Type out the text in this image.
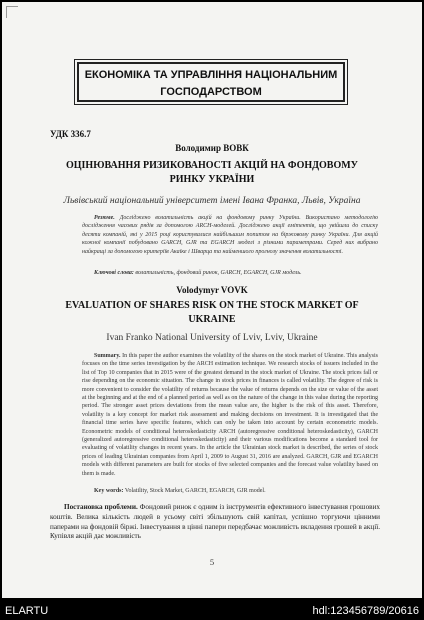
ЕКОНОМІКА ТА УПРАВЛІННЯ НАЦІОНАЛЬНИМ ГОСПОДАРСТВОМ
УДК 336.7
Володимир ВОВК
ОЦІНЮВАННЯ РИЗИКОВАНОСТІ АКЦІЙ НА ФОНДОВОМУ РИНКУ УКРАЇНИ
Львівський національний університет імені Івана Франка, Львів, Україна
Резюме. Досліджено волатильність акцій на фондовому ринку України. Використано методологію дослідження часових рядів за допомогою ARCH-моделей. Досліджено акції емітентів, що увійшли до списку десяти компаній, які у 2015 році користувалися найбільшим попитом на біржовому ринку України. Для акцій кожної компанії побудовано GARCH, GJR та EGARCH моделі з різними параметрами. Серед них вибрано найкращі за допомогою критеріїв Акаїке і Шварца та найменшого прогнозу значення волатильності.
Ключові слова: волатильність, фондовий ринок, GARCH, EGARCH, GJR модель.
Volodymyr VOVK
EVALUATION OF SHARES RISK ON THE STOCK MARKET OF UKRAINE
Ivan Franko National University of Lviv, Lviv, Ukraine
Summary. In this paper the author examines the volatility of the shares on the stock market of Ukraine. This analysis focuses on the time series investigation by the ARCH estimation technique. We research stocks of issuers included in the list of Top 10 companies that in 2015 were of the greatest demand in the stock market of Ukraine. The stock prices fall or rise depending on the economic situation. The change in stock prices in finances is called volatility. The degree of risk is more convenient to consider the volatility of returns because the value of returns depends on the size or value of the asset at the beginning and at the end of a planned period as well as on the nature of the change in this value during the reporting period. The stronger asset prices deviations from the mean value are, the higher is the risk of this asset. Therefore, volatility is a key concept for market risk assessment and making decisions on investment. It is investigated that the financial time series have specific features, which can only be taken into account by certain econometric models. Econometric models of conditional heteroskedasticity ARCH (autoregressive conditional heteroskedasticity), GARCH (generalized autoregressive conditional heteroskedasticity) and their various modifications become a standard tool for evaluating of volatility changes in recent years. In the article the Ukrainian stock market is described, the series of stock prices of leading Ukrainian companies from April 1, 2009 to August 31, 2016 are analyzed. GARCH, GJR and EGARCH models with different parameters are built for stocks of five selected companies and the forecast value volatility based on them is made.
Key words: Volatility, Stock Market, GARCH, EGARCH, GJR model.
Постановка проблеми. Фондовий ринок є одним із інструментів ефективного інвестування грошових коштів. Велика кількість людей в усьому світі збільшують свій капітал, успішно торгуючи цінними паперами на фондовій біржі. Інвестування в цінні папери передбачає можливість вкладення грошей в акції. Купівля акцій дає можливість
5
ELARTU	hdl:123456789/20616
